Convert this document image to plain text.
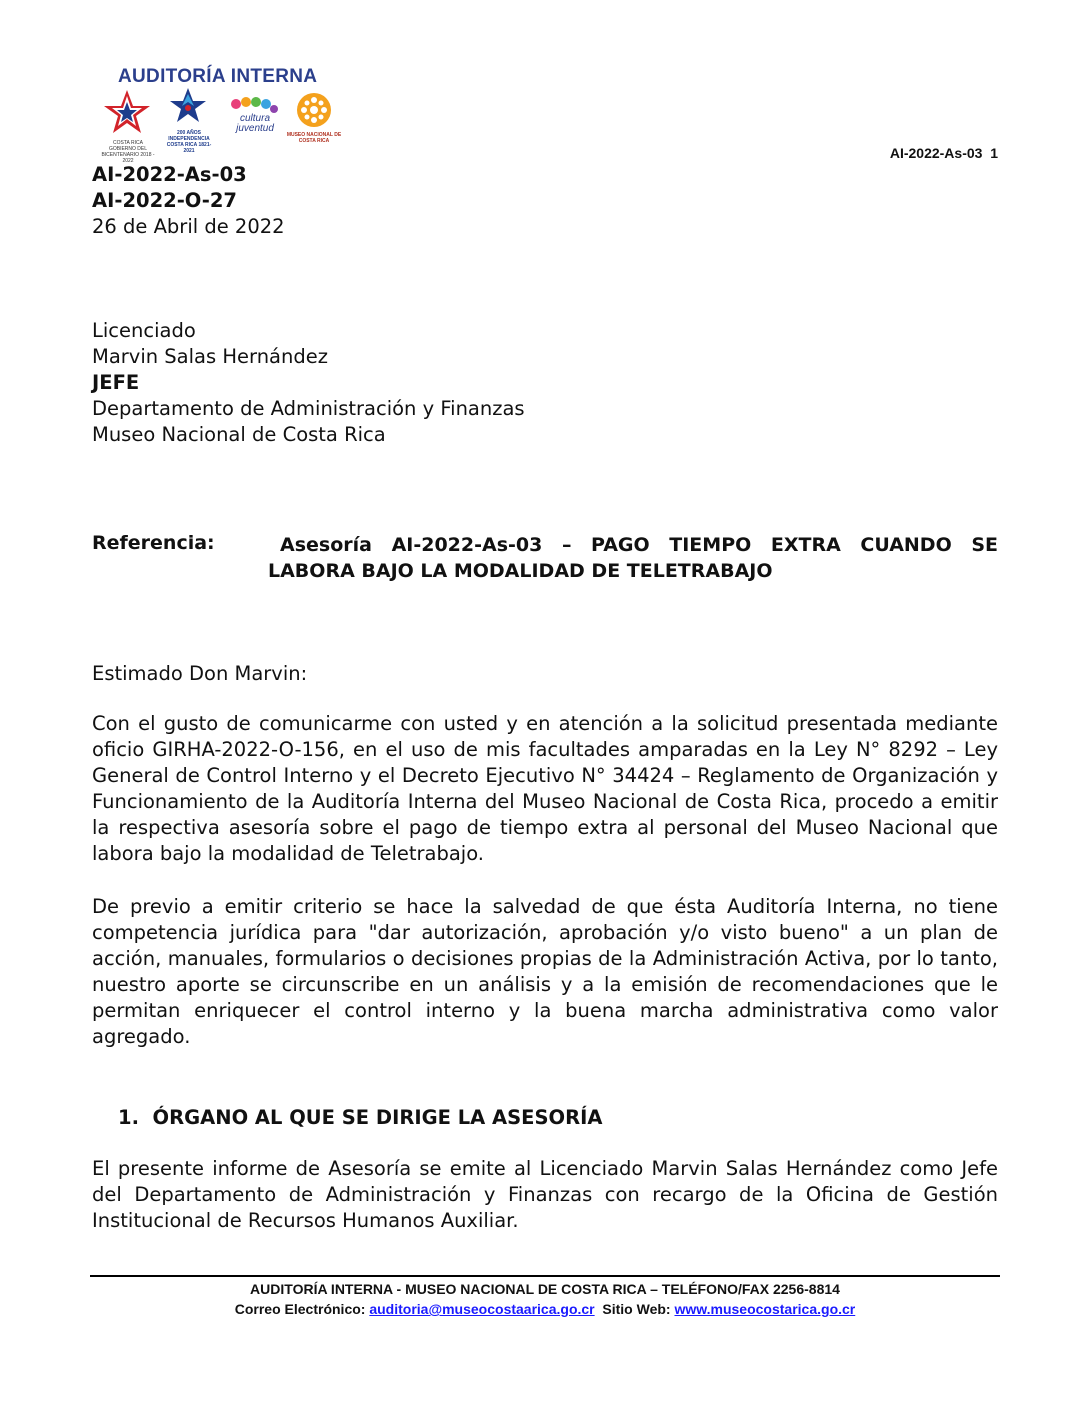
AUDITORÍA INTERNA
COSTA RICA GOBIERNO DEL BICENTENARIO 2018 - 2022
200 AÑOS INDEPENDENCIA COSTA RICA 1821-2021
cultura juventud
MUSEO NACIONAL DE COSTA RICA
AI-2022-As-03  1
AI-2022-As-03
AI-2022-O-27
26 de Abril de 2022
Licenciado
Marvin Salas Hernández
JEFE
Departamento de Administración y Finanzas
Museo Nacional de Costa Rica
Referencia:	Asesoría AI-2022-As-03 – PAGO TIEMPO EXTRA CUANDO SE LABORA BAJO LA MODALIDAD DE TELETRABAJO
Estimado Don Marvin:
Con el gusto de comunicarme con usted y en atención a la solicitud presentada mediante oficio GIRHA-2022-O-156, en el uso de mis facultades amparadas en la Ley N° 8292 – Ley General de Control Interno y el Decreto Ejecutivo N° 34424 – Reglamento de Organización y Funcionamiento de la Auditoría Interna del Museo Nacional de Costa Rica, procedo a emitir la respectiva asesoría sobre el pago de tiempo extra al personal del Museo Nacional que labora bajo la modalidad de Teletrabajo.
De previo a emitir criterio se hace la salvedad de que ésta Auditoría Interna, no tiene competencia jurídica para "dar autorización, aprobación y/o visto bueno" a un plan de acción, manuales, formularios o decisiones propias de la Administración Activa, por lo tanto, nuestro aporte se circunscribe en un análisis y a la emisión de recomendaciones que le permitan enriquecer el control interno y la buena marcha administrativa como valor agregado.
1.  ÓRGANO AL QUE SE DIRIGE LA ASESORÍA
El presente informe de Asesoría se emite al Licenciado Marvin Salas Hernández como Jefe del Departamento de Administración y Finanzas con recargo de la Oficina de Gestión Institucional de Recursos Humanos Auxiliar.
AUDITORÍA INTERNA - MUSEO NACIONAL DE COSTA RICA – TELÉFONO/FAX 2256-8814
Correo Electrónico: auditoria@museocostaarica.go.cr Sitio Web: www.museocostarica.go.cr
